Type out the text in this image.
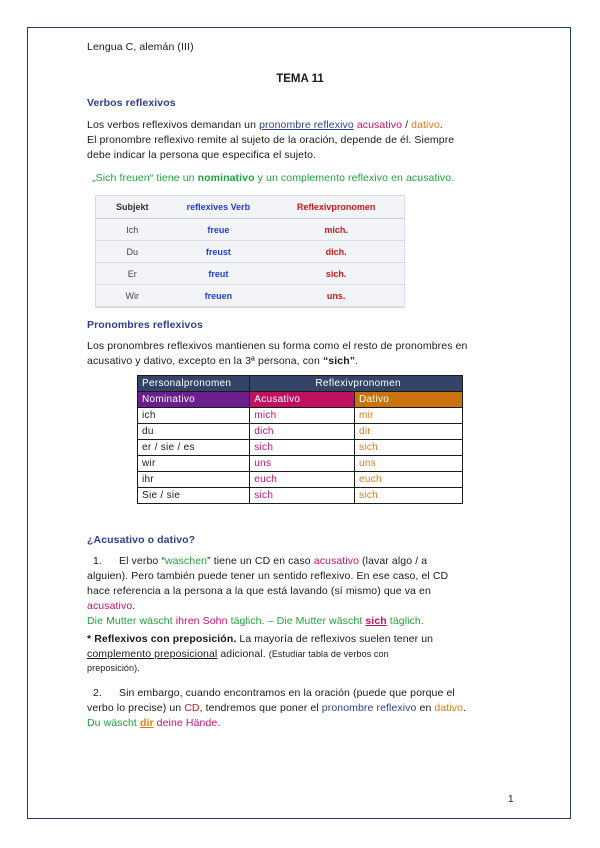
Lengua C, alemán (III)
TEMA 11
Verbos reflexivos
Los verbos reflexivos demandan un pronombre reflexivo acusativo / dativo.
El pronombre reflexivo remite al sujeto de la oración, depende de él. Siempre
debe indicar la persona que especifica el sujeto.
„Sich freuen“ tiene un nominativo y un complemento reflexivo en acusativo.
Subjekt	reflexives Verb	Reflexivpronomen
Ich	freue	mich.
Du	freust	dich.
Er	freut	sich.
Wir	freuen	uns.
Pronombres reflexivos
Los pronombres reflexivos mantienen su forma como el resto de pronombres en
acusativo y dativo, excepto en la 3ª persona, con “sich”.
Personalpronomen	Reflexivpronomen	
Nominativo	Acusativo	Dativo
ich	mich	mir
du	dich	dir
er / sie / es	sich	sich
wir	uns	uns
ihr	euch	euch
Sie / sie	sich	sich
¿Acusativo o dativo?
1. El verbo “waschen” tiene un CD en caso acusativo (lavar algo / a
alguien). Pero también puede tener un sentido reflexivo. En ese caso, el CD
hace referencia a la persona a la que está lavando (sí mismo) que va en
acusativo.
Die Mutter wäscht ihren Sohn täglich. – Die Mutter wäscht sich täglich.
* Reflexivos con preposición. La mayoría de reflexivos suelen tener un
complemento preposicional adicional. (Estudiar tabla de verbos con
preposición).
2. Sin embargo, cuando encontramos en la oración (puede que porque el
verbo lo precise) un CD, tendremos que poner el pronombre reflexivo en dativo.
Du wäscht dir deine Hände.
1
